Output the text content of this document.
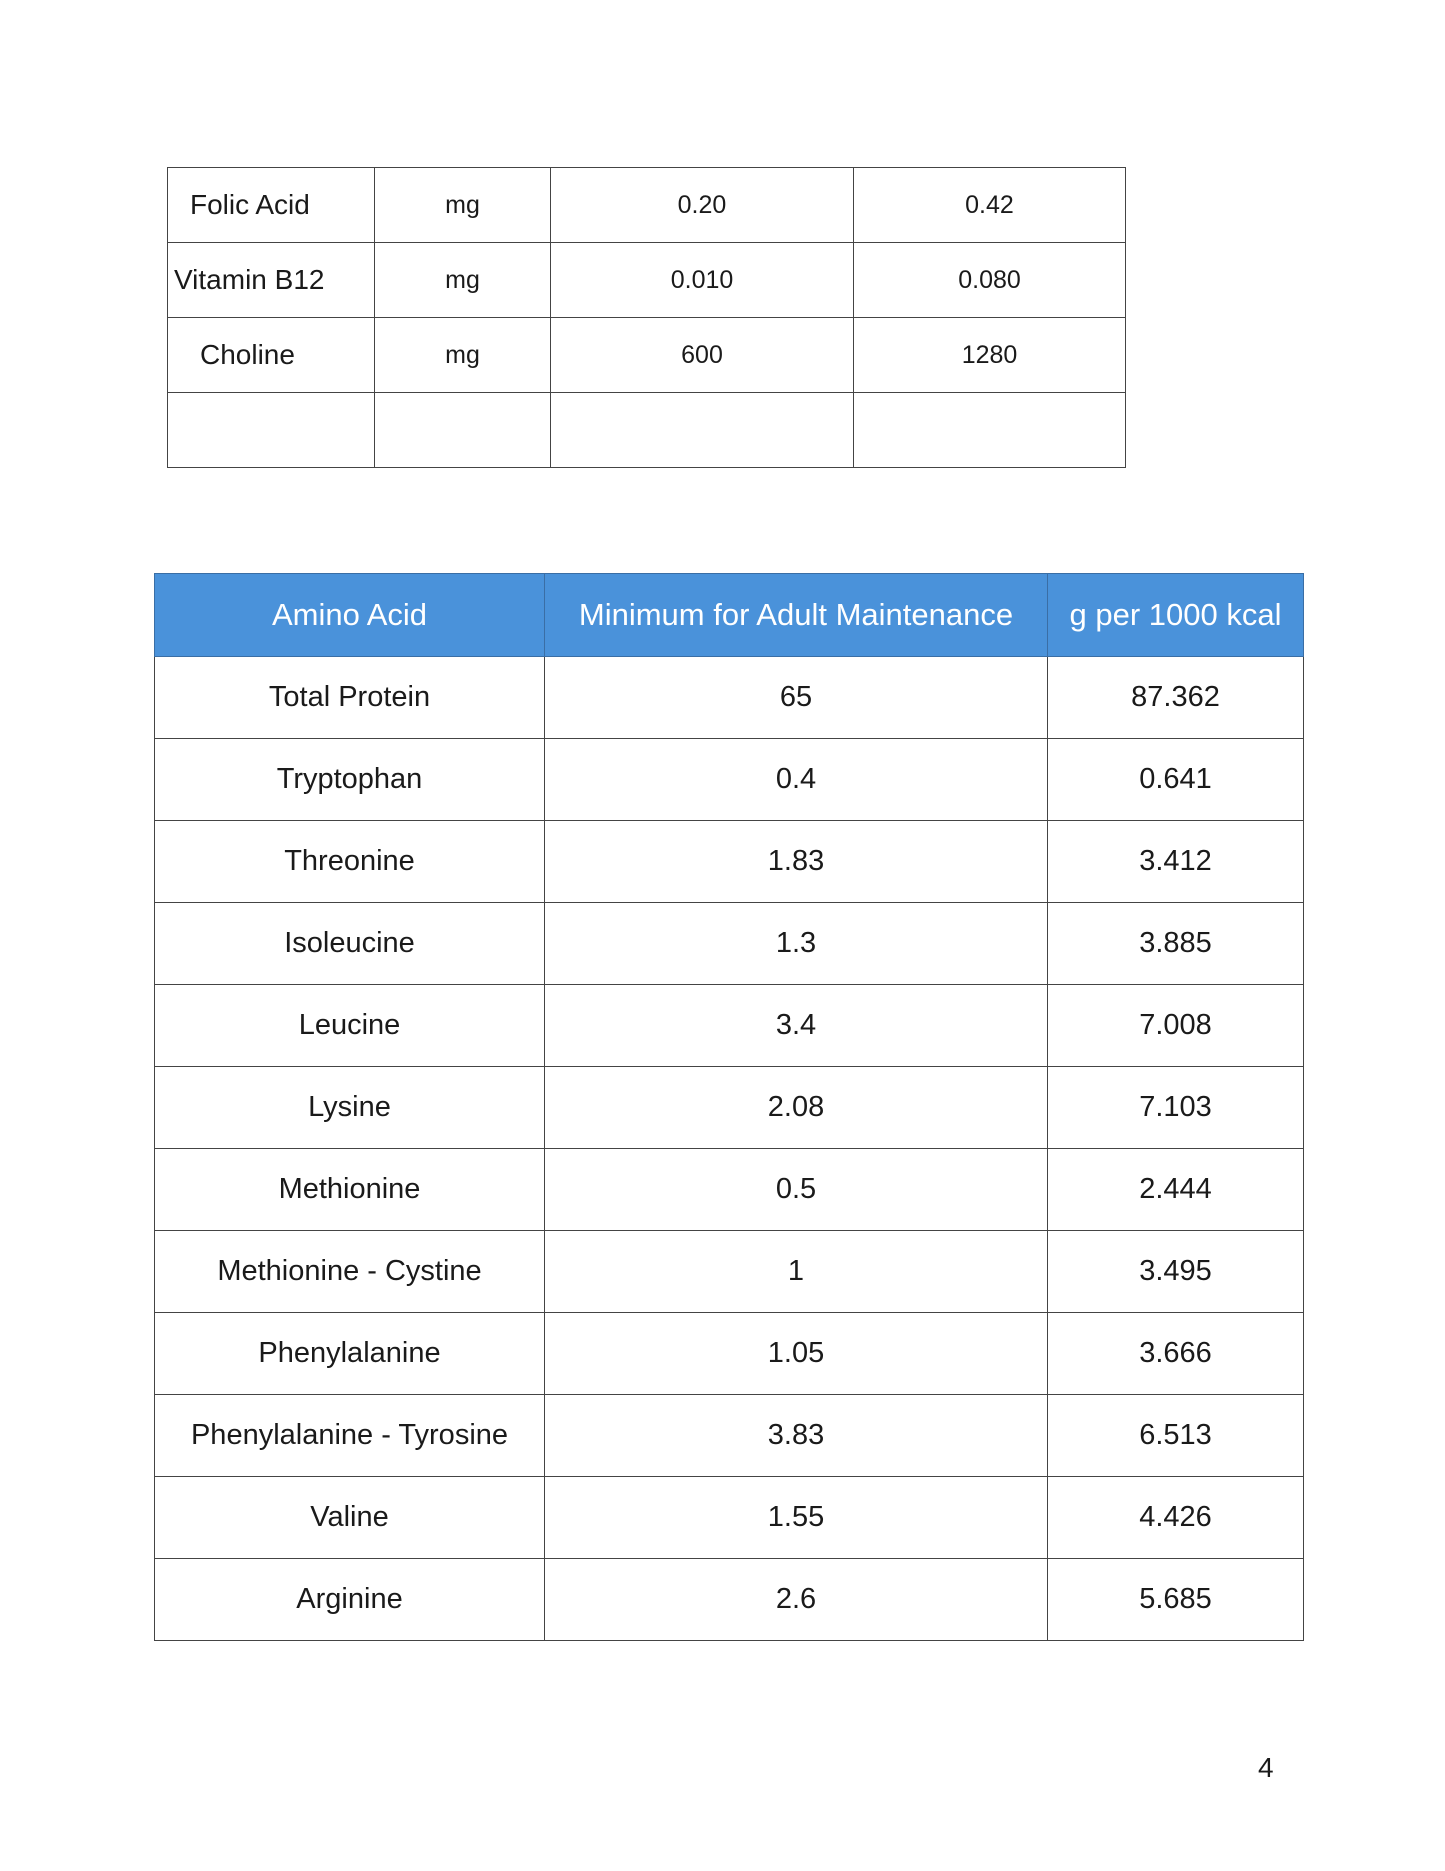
Folic Acid	mg	0.20	0.42
Vitamin B12	mg	0.010	0.080
Choline	mg	600	1280

Amino Acid	Minimum for Adult Maintenance	g per 1000 kcal
Total Protein	65	87.362
Tryptophan	0.4	0.641
Threonine	1.83	3.412
Isoleucine	1.3	3.885
Leucine	3.4	7.008
Lysine	2.08	7.103
Methionine	0.5	2.444
Methionine - Cystine	1	3.495
Phenylalanine	1.05	3.666
Phenylalanine - Tyrosine	3.83	6.513
Valine	1.55	4.426
Arginine	2.6	5.685
4
